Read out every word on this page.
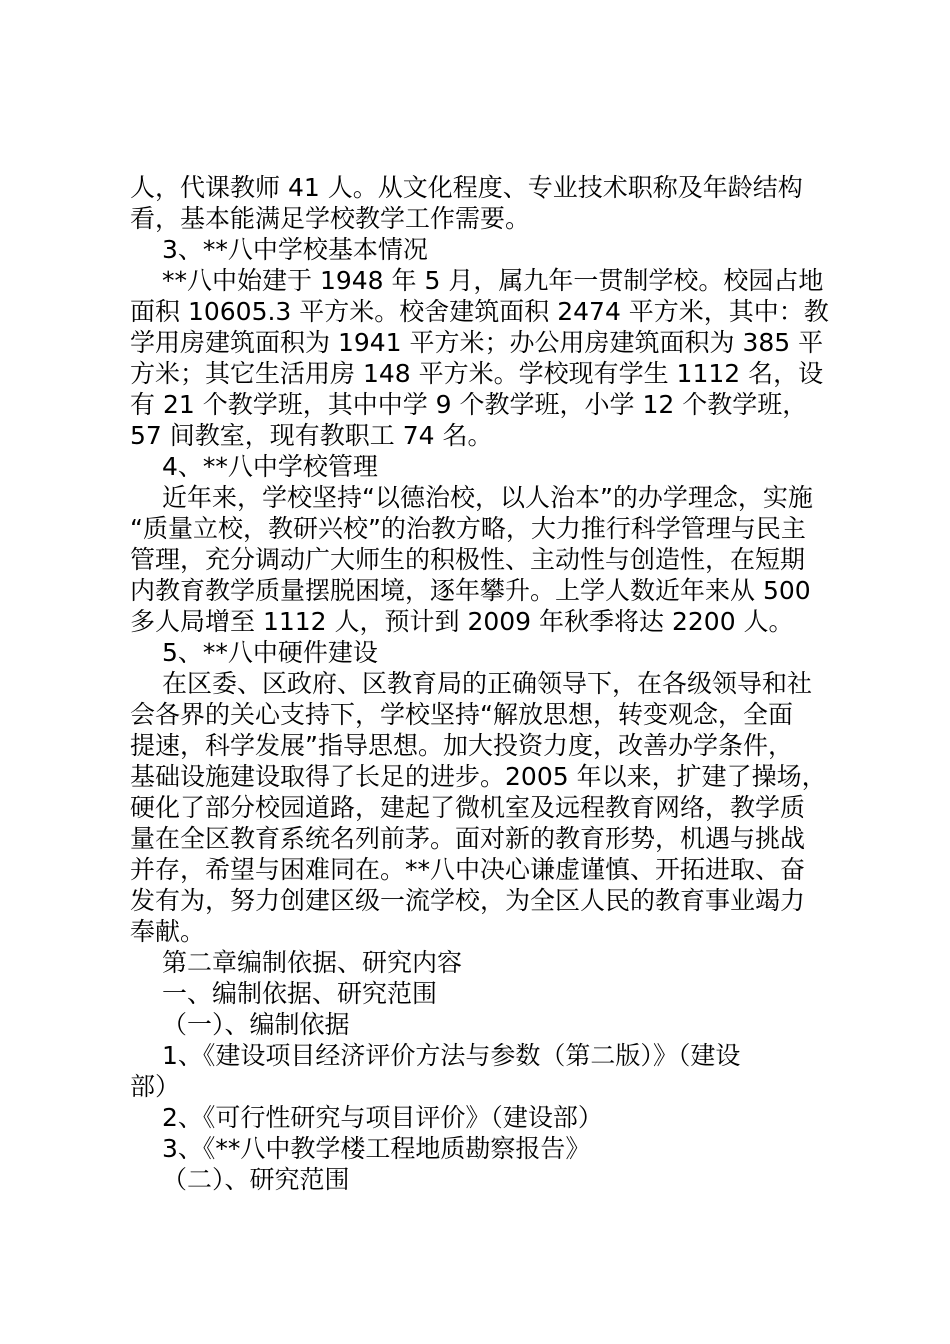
人，代课教师 41 人。从文化程度、专业技术职称及年龄结构
看，基本能满足学校教学工作需要。
3、**八中学校基本情况
**八中始建于 1948 年 5 月，属九年一贯制学校。校园占地
面积 10605.3 平方米。校舍建筑面积 2474 平方米，其中：教
学用房建筑面积为 1941 平方米；办公用房建筑面积为 385 平
方米；其它生活用房 148 平方米。学校现有学生 1112 名，设
有 21 个教学班，其中中学 9 个教学班，小学 12 个教学班，
57 间教室，现有教职工 74 名。
4、**八中学校管理
近年来，学校坚持“以德治校，以人治本”的办学理念，实施
“质量立校，教研兴校”的治教方略，大力推行科学管理与民主
管理，充分调动广大师生的积极性、主动性与创造性，在短期
内教育教学质量摆脱困境，逐年攀升。上学人数近年来从 500
多人局增至 1112 人，预计到 2009 年秋季将达 2200 人。
5、**八中硬件建设
在区委、区政府、区教育局的正确领导下，在各级领导和社
会各界的关心支持下，学校坚持“解放思想，转变观念，全面
提速，科学发展”指导思想。加大投资力度，改善办学条件，
基础设施建设取得了长足的进步。2005 年以来，扩建了操场，
硬化了部分校园道路，建起了微机室及远程教育网络，教学质
量在全区教育系统名列前茅。面对新的教育形势，机遇与挑战
并存，希望与困难同在。**八中决心谦虚谨慎、开拓进取、奋
发有为，努力创建区级一流学校，为全区人民的教育事业竭力
奉献。
第二章编制依据、研究内容
一、编制依据、研究范围
（一）、编制依据
1、《建设项目经济评价方法与参数（第二版）》（建设
部）
2、《可行性研究与项目评价》（建设部）
3、《**八中教学楼工程地质勘察报告》
（二）、研究范围
